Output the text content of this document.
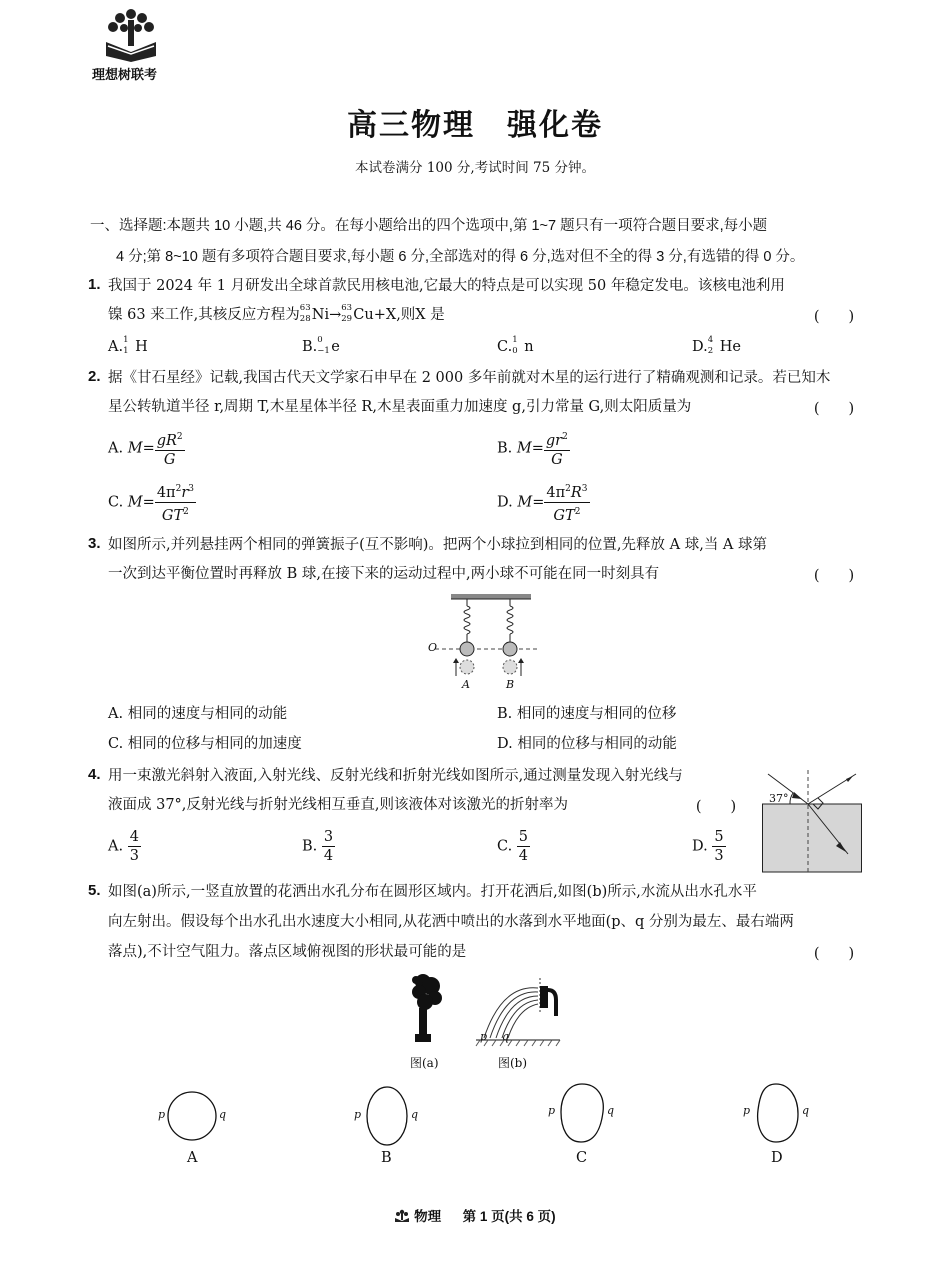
理想树联考
高三物理　强化卷
本试卷满分 100 分,考试时间 75 分钟。
一、选择题:本题共 10 小题,共 46 分。在每小题给出的四个选项中,第 1~7 题只有一项符合题目要求,每小题
4 分;第 8~10 题有多项符合题目要求,每小题 6 分,全部选对的得 6 分,选对但不全的得 3 分,有选错的得 0 分。
1. 我国于 2024 年 1 月研发出全球首款民用核电池,它最大的特点是可以实现 50 年稳定发电。该核电池利用
镍 63 来工作,其核反应方程为 63
28 Ni→ 63
29 Cu+X,则X 是	(　　)
A. 1
1 H	B. 0
−1 e	C. 1
0 n	D. 4
2 He
2. 据《甘石星经》记载,我国古代天文学家石申早在 2 000 多年前就对木星的运行进行了精确观测和记录。若已知木
星公转轨道半径 r,周期 T,木星星体半径 R,木星表面重力加速度 g,引力常量 G,则太阳质量为	(　　)
A. $M= \frac{gR^2}{G}$	B. $M= \frac{gr^2}{G}$
C. $M= \frac{4\pi^2r^3}{GT^2}$	D. $M= \frac{4\pi^2R^3}{GT^2}$
3. 如图所示,并列悬挂两个相同的弹簧振子(互不影响)。把两个小球拉到相同的位置,先释放 A 球,当 A 球第
一次到达平衡位置时再释放 B 球,在接下来的运动过程中,两小球不可能在同一时刻具有	(　　)
O
A	B
A. 相同的速度与相同的动能	B. 相同的速度与相同的位移
C. 相同的位移与相同的加速度	D. 相同的位移与相同的动能
4. 用一束激光斜射入液面,入射光线、反射光线和折射光线如图所示,通过测量发现入射光线与
液面成 37°,反射光线与折射光线相互垂直,则该液体对该激光的折射率为	(　　)
37°
A. $\frac{4}{3}$	B. $\frac{3}{4}$	C. $\frac{5}{4}$	D. $\frac{5}{3}$
5. 如图(a)所示,一竖直放置的花洒出水孔分布在圆形区域内。打开花洒后,如图(b)所示,水流从出水孔水平
向左射出。假设每个出水孔出水速度大小相同,从花洒中喷出的水落到水平地面(p、q 分别为最左、最右端两
落点),不计空气阻力。落点区域俯视图的形状最可能的是	(　　)
p q
图(a)	图(b)
p	q	p	q	p	q	p	q
A	B	C	D
物理 第 1 页(共 6 页)
